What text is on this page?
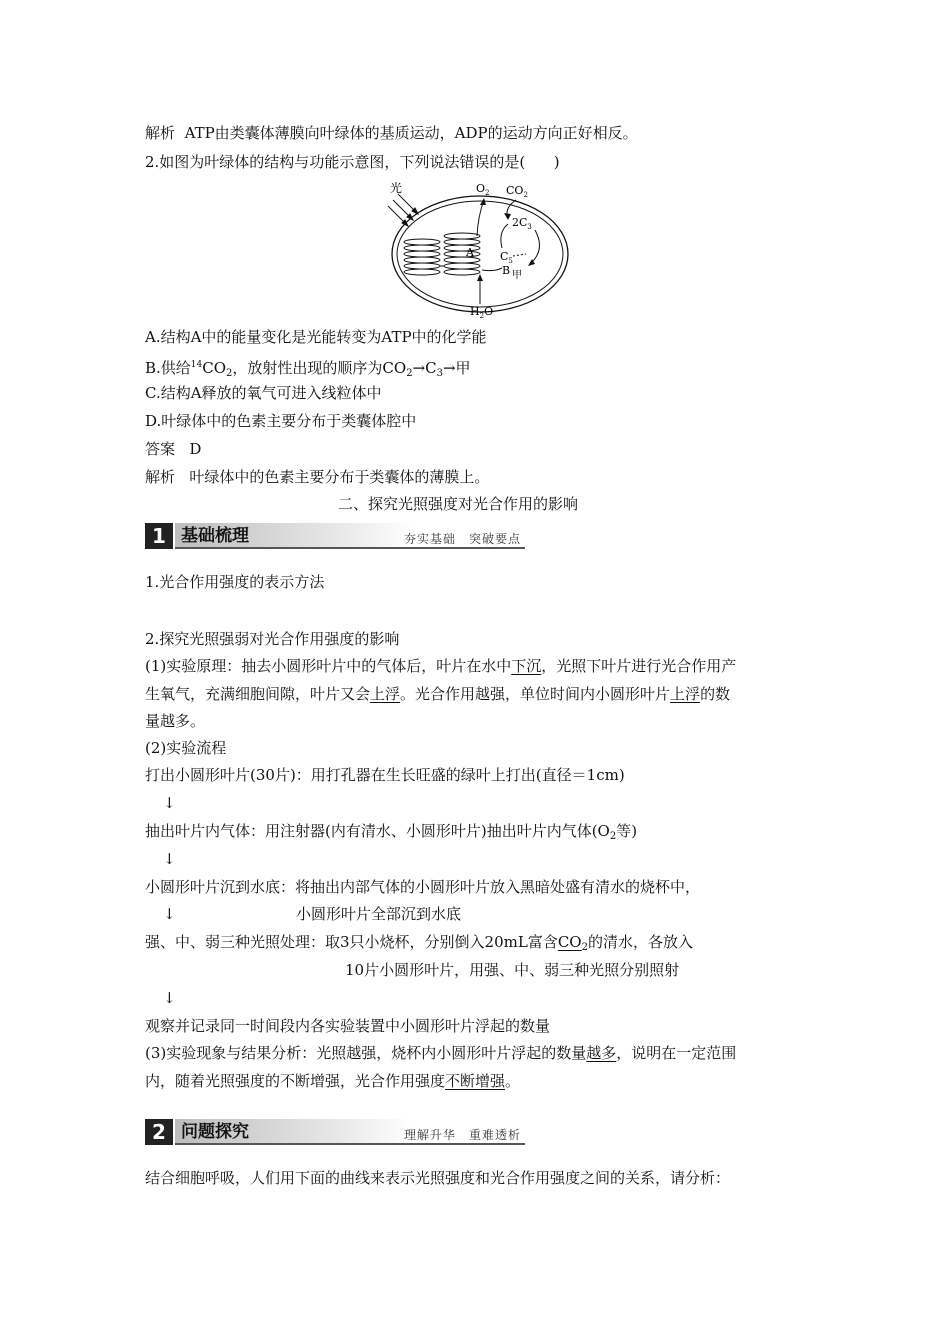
解析 ATP由类囊体薄膜向叶绿体的基质运动，ADP的运动方向正好相反。
2.如图为叶绿体的结构与功能示意图，下列说法错误的是( )
光
A
$O_2$ $CO_2$
$2C_3$
$C_5$
B 甲
$H_2O$
A.结构A中的能量变化是光能转变为ATP中的化学能
B.供给$^{14}CO_2$，放射性出现的顺序为$CO_2\to C_3\to$甲
C.结构A释放的氧气可进入线粒体中
D.叶绿体中的色素主要分布于类囊体腔中
答案 D
解析 叶绿体中的色素主要分布于类囊体的薄膜上。
二、探究光照强度对光合作用的影响
1 基础梳理	夯实基础　突破要点
1.光合作用强度的表示方法
2.探究光照强弱对光合作用强度的影响
(1)实验原理：抽去小圆形叶片中的气体后，叶片在水中下沉，光照下叶片进行光合作用产
生氧气，充满细胞间隙，叶片又会上浮。光合作用越强，单位时间内小圆形叶片上浮的数
量越多。
(2)实验流程
打出小圆形叶片(30片)：用打孔器在生长旺盛的绿叶上打出(直径＝1cm)
↓
抽出叶片内气体：用注射器(内有清水、小圆形叶片)抽出叶片内气体($O_2$等)
↓
小圆形叶片沉到水底：将抽出内部气体的小圆形叶片放入黑暗处盛有清水的烧杯中，
↓	小圆形叶片全部沉到水底
强、中、弱三种光照处理：取3只小烧杯，分别倒入20mL富含$CO_2$的清水，各放入
10片小圆形叶片，用强、中、弱三种光照分别照射
↓
观察并记录同一时间段内各实验装置中小圆形叶片浮起的数量
(3)实验现象与结果分析：光照越强，烧杯内小圆形叶片浮起的数量越多，说明在一定范围
内，随着光照强度的不断增强，光合作用强度不断增强。
2 问题探究	理解升华　重难透析
结合细胞呼吸，人们用下面的曲线来表示光照强度和光合作用强度之间的关系，请分析：
